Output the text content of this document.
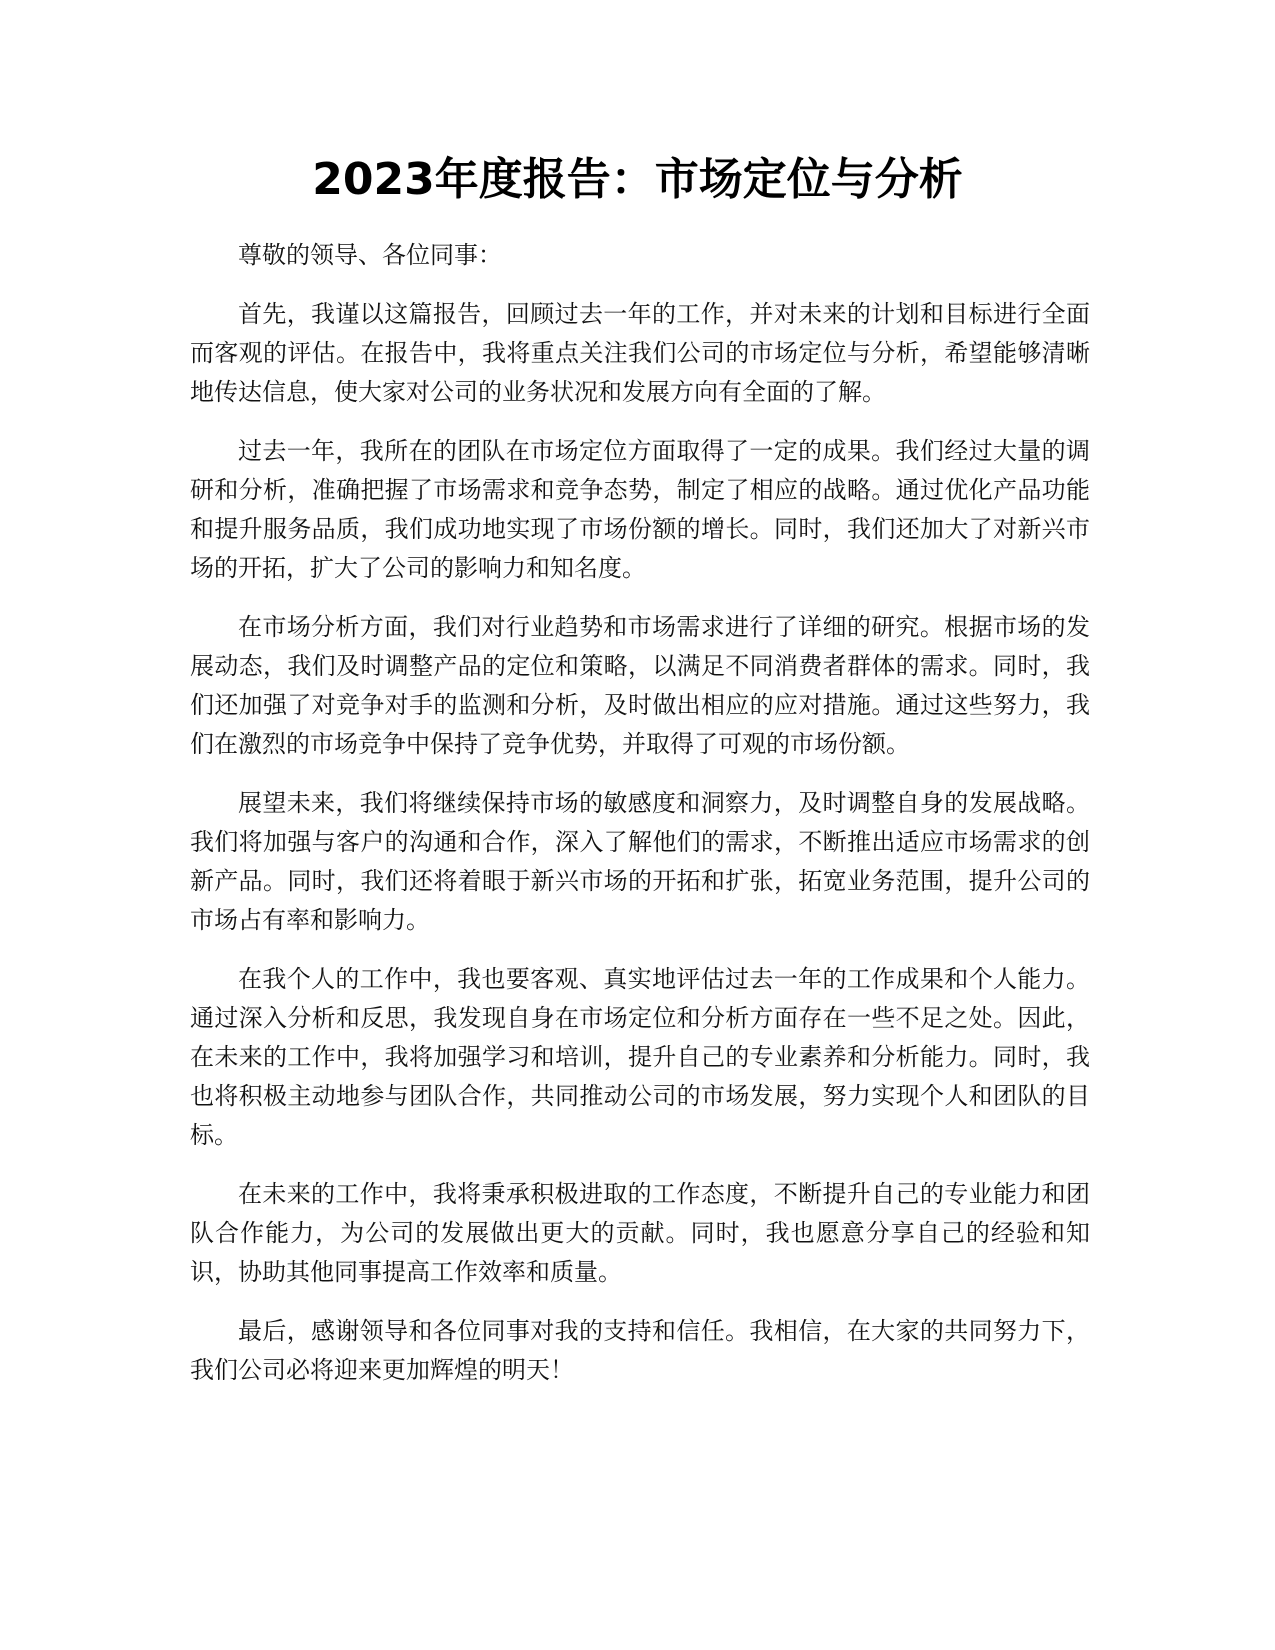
2023年度报告：市场定位与分析

尊敬的领导、各位同事：

首先，我谨以这篇报告，回顾过去一年的工作，并对未来的计划和目标进行全面而客观的评估。在报告中，我将重点关注我们公司的市场定位与分析，希望能够清晰地传达信息，使大家对公司的业务状况和发展方向有全面的了解。

过去一年，我所在的团队在市场定位方面取得了一定的成果。我们经过大量的调研和分析，准确把握了市场需求和竞争态势，制定了相应的战略。通过优化产品功能和提升服务品质，我们成功地实现了市场份额的增长。同时，我们还加大了对新兴市场的开拓，扩大了公司的影响力和知名度。

在市场分析方面，我们对行业趋势和市场需求进行了详细的研究。根据市场的发展动态，我们及时调整产品的定位和策略，以满足不同消费者群体的需求。同时，我们还加强了对竞争对手的监测和分析，及时做出相应的应对措施。通过这些努力，我们在激烈的市场竞争中保持了竞争优势，并取得了可观的市场份额。

展望未来，我们将继续保持市场的敏感度和洞察力，及时调整自身的发展战略。我们将加强与客户的沟通和合作，深入了解他们的需求，不断推出适应市场需求的创新产品。同时，我们还将着眼于新兴市场的开拓和扩张，拓宽业务范围，提升公司的市场占有率和影响力。

在我个人的工作中，我也要客观、真实地评估过去一年的工作成果和个人能力。通过深入分析和反思，我发现自身在市场定位和分析方面存在一些不足之处。因此，在未来的工作中，我将加强学习和培训，提升自己的专业素养和分析能力。同时，我也将积极主动地参与团队合作，共同推动公司的市场发展，努力实现个人和团队的目标。

在未来的工作中，我将秉承积极进取的工作态度，不断提升自己的专业能力和团队合作能力，为公司的发展做出更大的贡献。同时，我也愿意分享自己的经验和知识，协助其他同事提高工作效率和质量。

最后，感谢领导和各位同事对我的支持和信任。我相信，在大家的共同努力下，我们公司必将迎来更加辉煌的明天！
